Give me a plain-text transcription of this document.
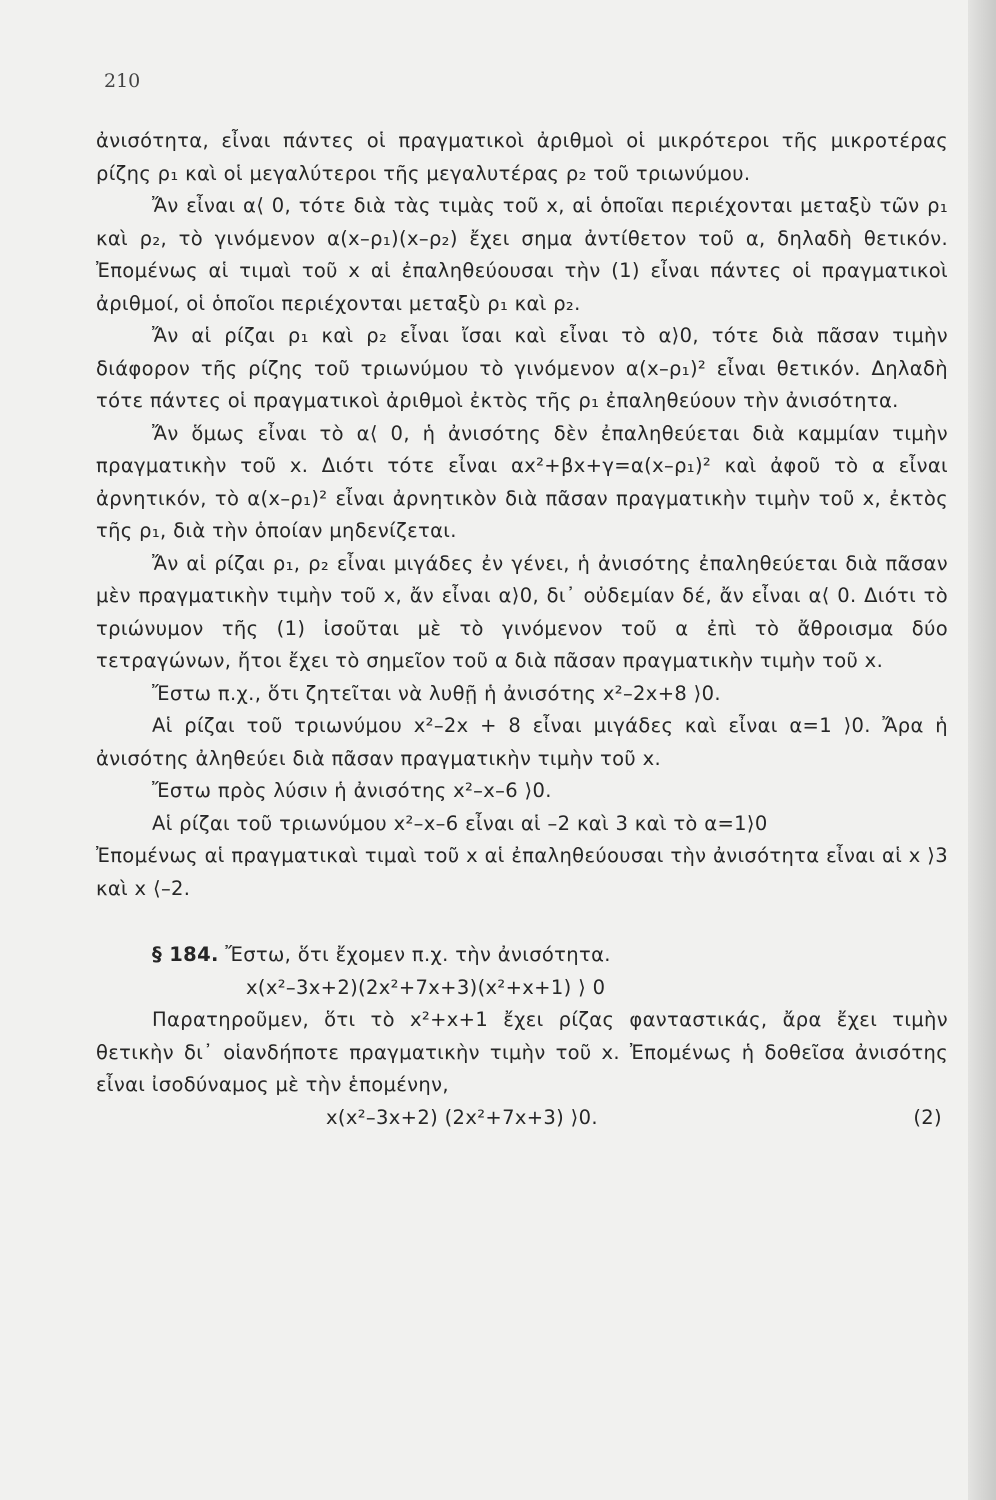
210

ἀνισότητα, εἶναι πάντες οἱ πραγματικοὶ ἀριθμοὶ οἱ μικρότεροι τῆς μικροτέρας ρίζης ρ₁ καὶ οἱ μεγαλύτεροι τῆς μεγαλυτέρας ρ₂ τοῦ τριωνύμου.

Ἄν εἶναι α⟨ 0, τότε διὰ τὰς τιμὰς τοῦ x, αἱ ὁποῖαι περιέχονται μεταξὺ τῶν ρ₁ καὶ ρ₂, τὸ γινόμενον α(x–ρ₁)(x–ρ₂) ἔχει σημα ἀντίθετον τοῦ α, δηλαδὴ θετικόν. Ἐπομένως αἱ τιμαὶ τοῦ x αἱ ἐπαληθεύουσαι τὴν (1) εἶναι πάντες οἱ πραγματικοὶ ἀριθμοί, οἱ ὁποῖοι περιέχονται μεταξὺ ρ₁ καὶ ρ₂.

Ἄν αἱ ρίζαι ρ₁ καὶ ρ₂ εἶναι ἴσαι καὶ εἶναι τὸ α⟩0, τότε διὰ πᾶσαν τιμὴν διάφορον τῆς ρίζης τοῦ τριωνύμου τὸ γινόμενον α(x–ρ₁)² εἶναι θετικόν. Δηλαδὴ τότε πάντες οἱ πραγματικοὶ ἀριθμοὶ ἐκτὸς τῆς ρ₁ ἐπαληθεύουν τὴν ἀνισότητα.

Ἄν ὅμως εἶναι τὸ α⟨ 0, ἡ ἀνισότης δὲν ἐπαληθεύεται διὰ καμμίαν τιμὴν πραγματικὴν τοῦ x. Διότι τότε εἶναι αx²+βx+γ=α(x–ρ₁)² καὶ ἀφοῦ τὸ α εἶναι ἀρνητικόν, τὸ α(x–ρ₁)² εἶναι ἀρνητικὸν διὰ πᾶσαν πραγματικὴν τιμὴν τοῦ x, ἐκτὸς τῆς ρ₁, διὰ τὴν ὁποίαν μηδενίζεται.

Ἄν αἱ ρίζαι ρ₁, ρ₂ εἶναι μιγάδες ἐν γένει, ἡ ἀνισότης ἐπαληθεύεται διὰ πᾶσαν μὲν πραγματικὴν τιμὴν τοῦ x, ἄν εἶναι α⟩0, δι᾽ οὐδεμίαν δέ, ἄν εἶναι α⟨ 0. Διότι τὸ τριώνυμον τῆς (1) ἰσοῦται μὲ τὸ γινόμενον τοῦ α ἐπὶ τὸ ἄθροισμα δύο τετραγώνων, ἤτοι ἔχει τὸ σημεῖον τοῦ α διὰ πᾶσαν πραγματικὴν τιμὴν τοῦ x.

Ἔστω π.χ., ὅτι ζητεῖται νὰ λυθῇ ἡ ἀνισότης x²–2x+8 ⟩0.

Αἱ ρίζαι τοῦ τριωνύμου x²–2x + 8 εἶναι μιγάδες καὶ εἶναι α=1 ⟩0. Ἄρα ἡ ἀνισότης ἀληθεύει διὰ πᾶσαν πραγματικὴν τιμὴν τοῦ x.

Ἔστω πρὸς λύσιν ἡ ἀνισότης x²–x–6 ⟩0.

Αἱ ρίζαι τοῦ τριωνύμου x²–x–6 εἶναι αἱ –2 καὶ 3 καὶ τὸ α=1⟩0

Ἐπομένως αἱ πραγματικαὶ τιμαὶ τοῦ x αἱ ἐπαληθεύουσαι τὴν ἀνισότητα εἶναι αἱ x ⟩3 καὶ x ⟨–2.

§ 184. Ἔστω, ὅτι ἔχομεν π.χ. τὴν ἀνισότητα.

x(x²–3x+2)(2x²+7x+3)(x²+x+1) ⟩ 0

Παρατηροῦμεν, ὅτι τὸ x²+x+1 ἔχει ρίζας φανταστικάς, ἄρα ἔχει τιμὴν θετικὴν δι᾽ οἱανδήποτε πραγματικὴν τιμὴν τοῦ x. Ἐπομένως ἡ δοθεῖσα ἀνισότης εἶναι ἰσοδύναμος μὲ τὴν ἑπομένην,

x(x²–3x+2) (2x²+7x+3) ⟩0.	(2)
